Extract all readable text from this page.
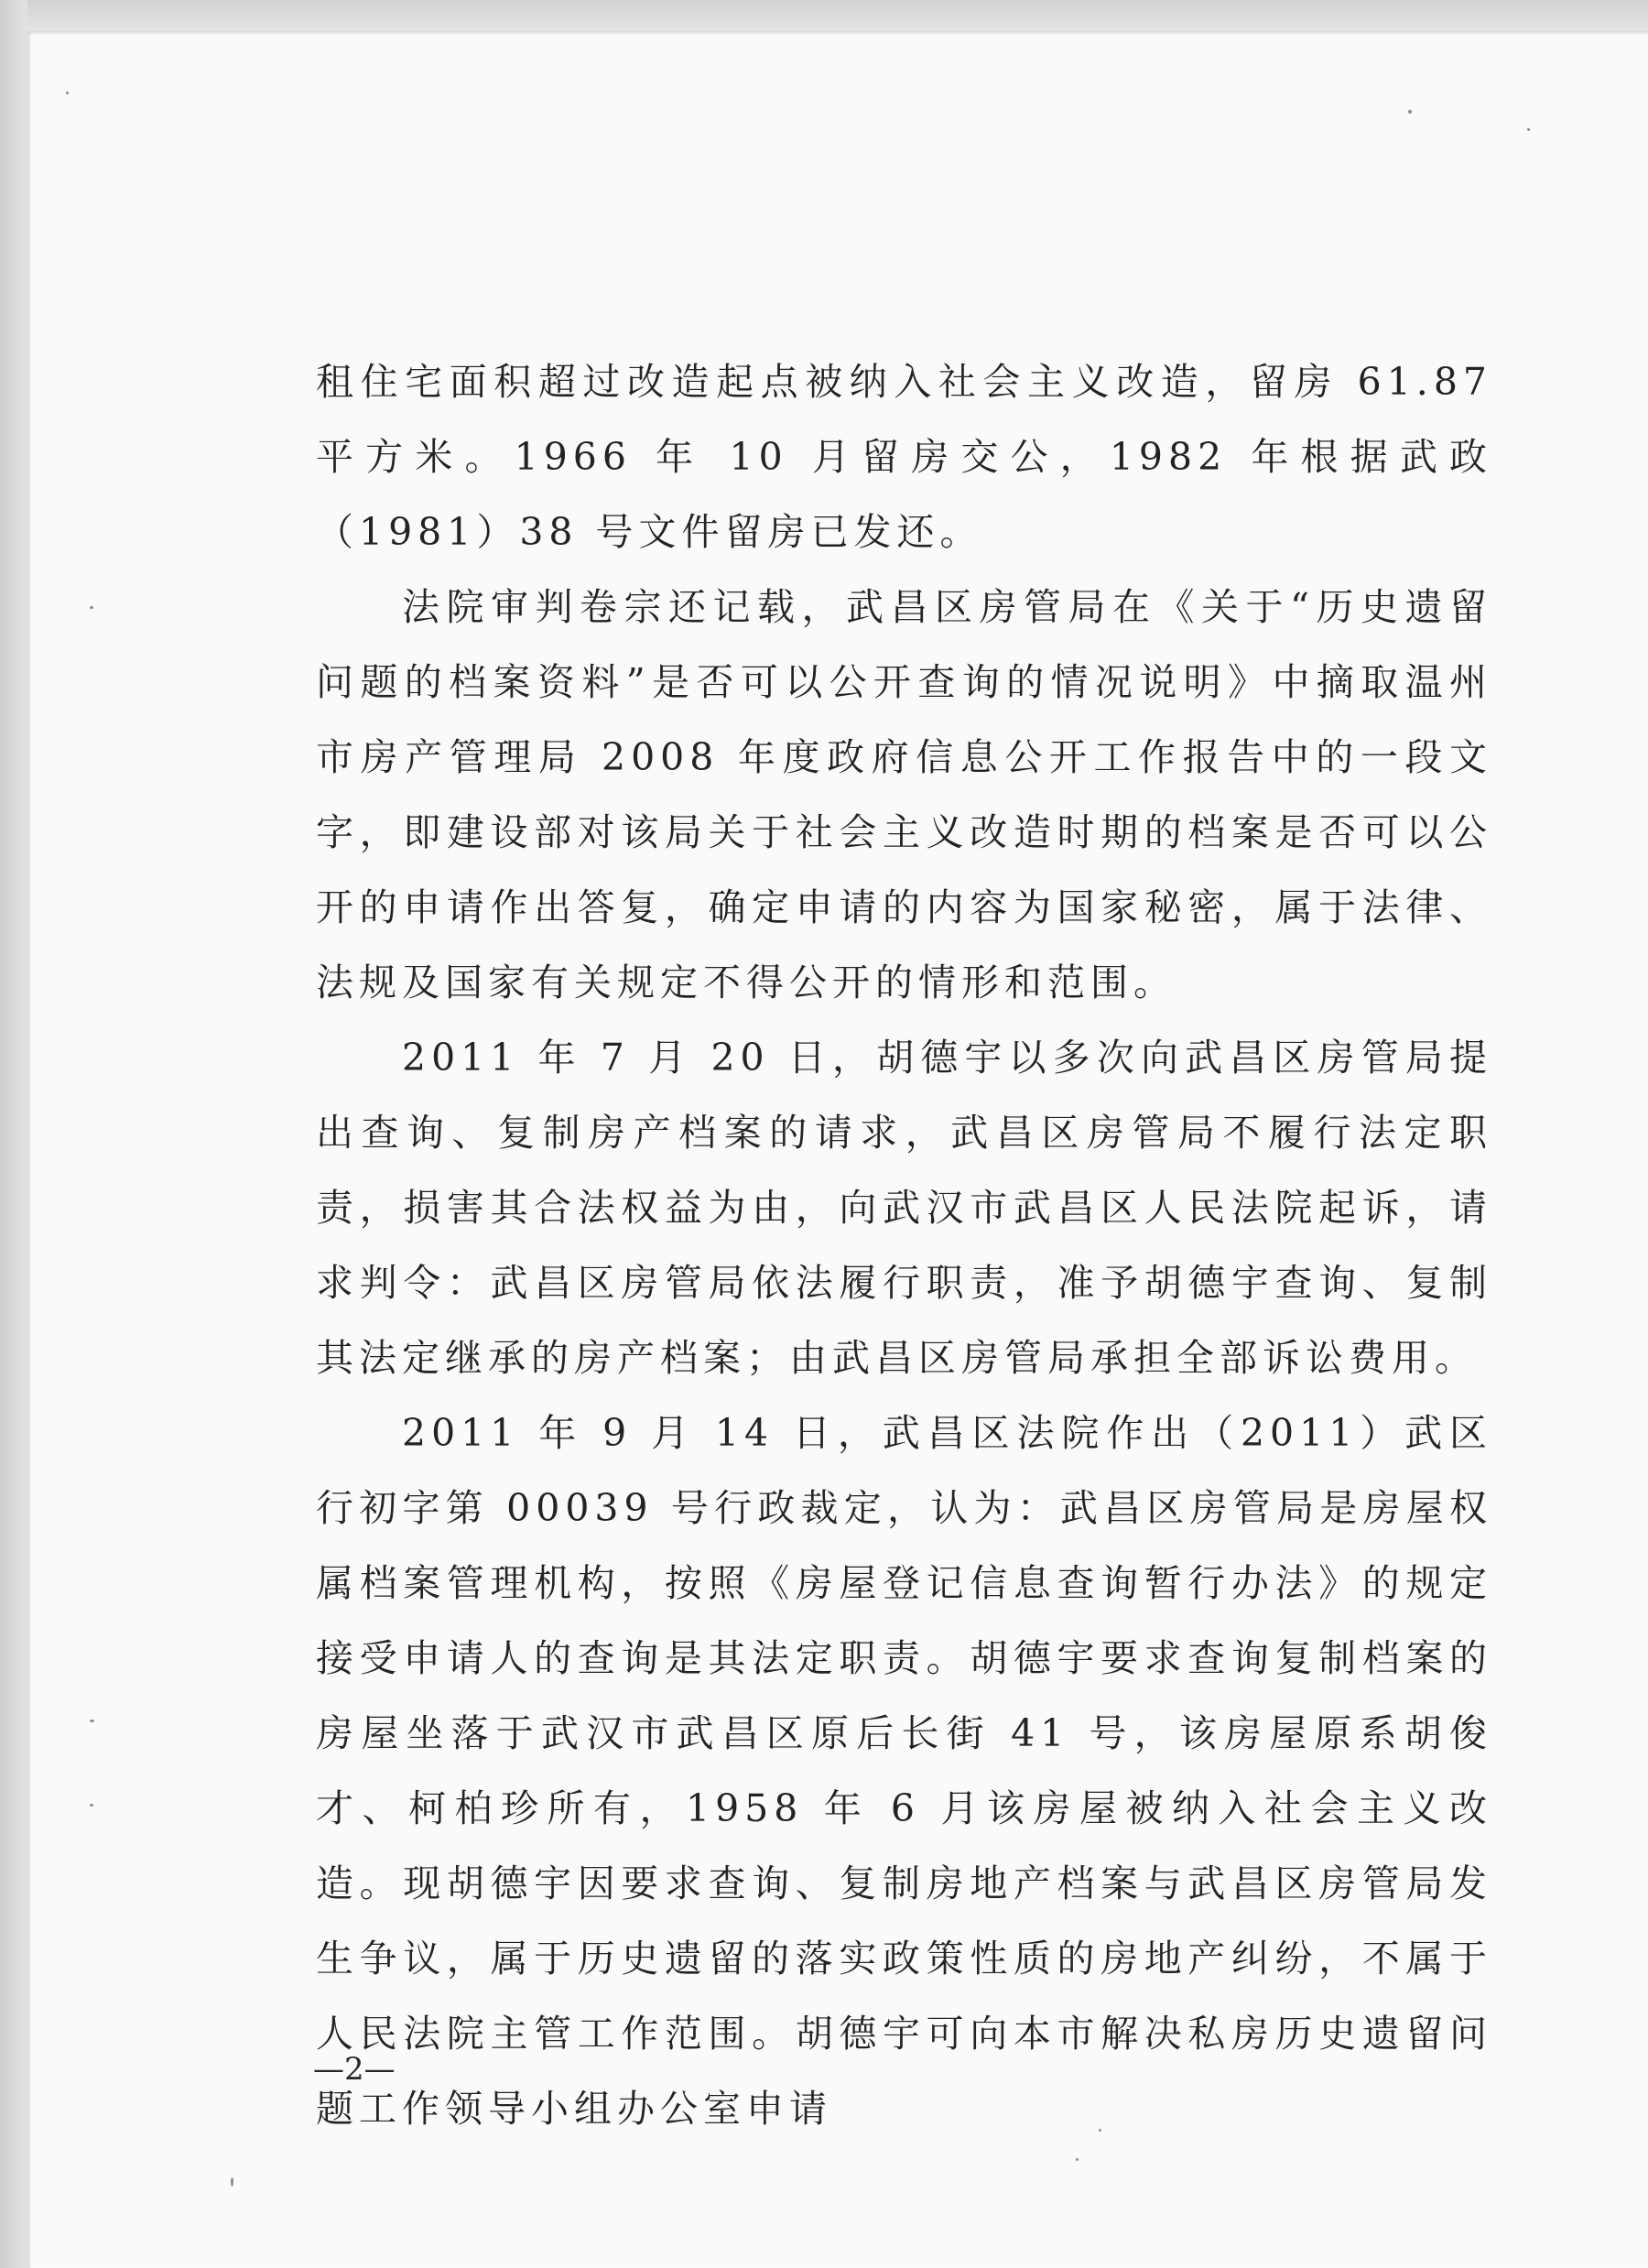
租住宅面积超过改造起点被纳入社会主义改造，留房 61.87 平方米。1966 年 10 月留房交公，1982 年根据武政（1981）38 号文件留房已发还。

法院审判卷宗还记载，武昌区房管局在《关于“历史遗留问题的档案资料”是否可以公开查询的情况说明》中摘取温州市房产管理局 2008 年度政府信息公开工作报告中的一段文字，即建设部对该局关于社会主义改造时期的档案是否可以公开的申请作出答复，确定申请的内容为国家秘密，属于法律、法规及国家有关规定不得公开的情形和范围。

2011 年 7 月 20 日，胡德宇以多次向武昌区房管局提出查询、复制房产档案的请求，武昌区房管局不履行法定职责，损害其合法权益为由，向武汉市武昌区人民法院起诉，请求判令：武昌区房管局依法履行职责，准予胡德宇查询、复制其法定继承的房产档案；由武昌区房管局承担全部诉讼费用。

2011 年 9 月 14 日，武昌区法院作出（2011）武区行初字第 00039 号行政裁定，认为：武昌区房管局是房屋权属档案管理机构，按照《房屋登记信息查询暂行办法》的规定接受申请人的查询是其法定职责。胡德宇要求查询复制档案的房屋坐落于武汉市武昌区原后长街 41 号，该房屋原系胡俊才、柯柏珍所有，1958 年 6 月该房屋被纳入社会主义改造。现胡德宇因要求查询、复制房地产档案与武昌区房管局发生争议，属于历史遗留的落实政策性质的房地产纠纷，不属于人民法院主管工作范围。胡德宇可向本市解决私房历史遗留问题工作领导小组办公室申请

—2—
